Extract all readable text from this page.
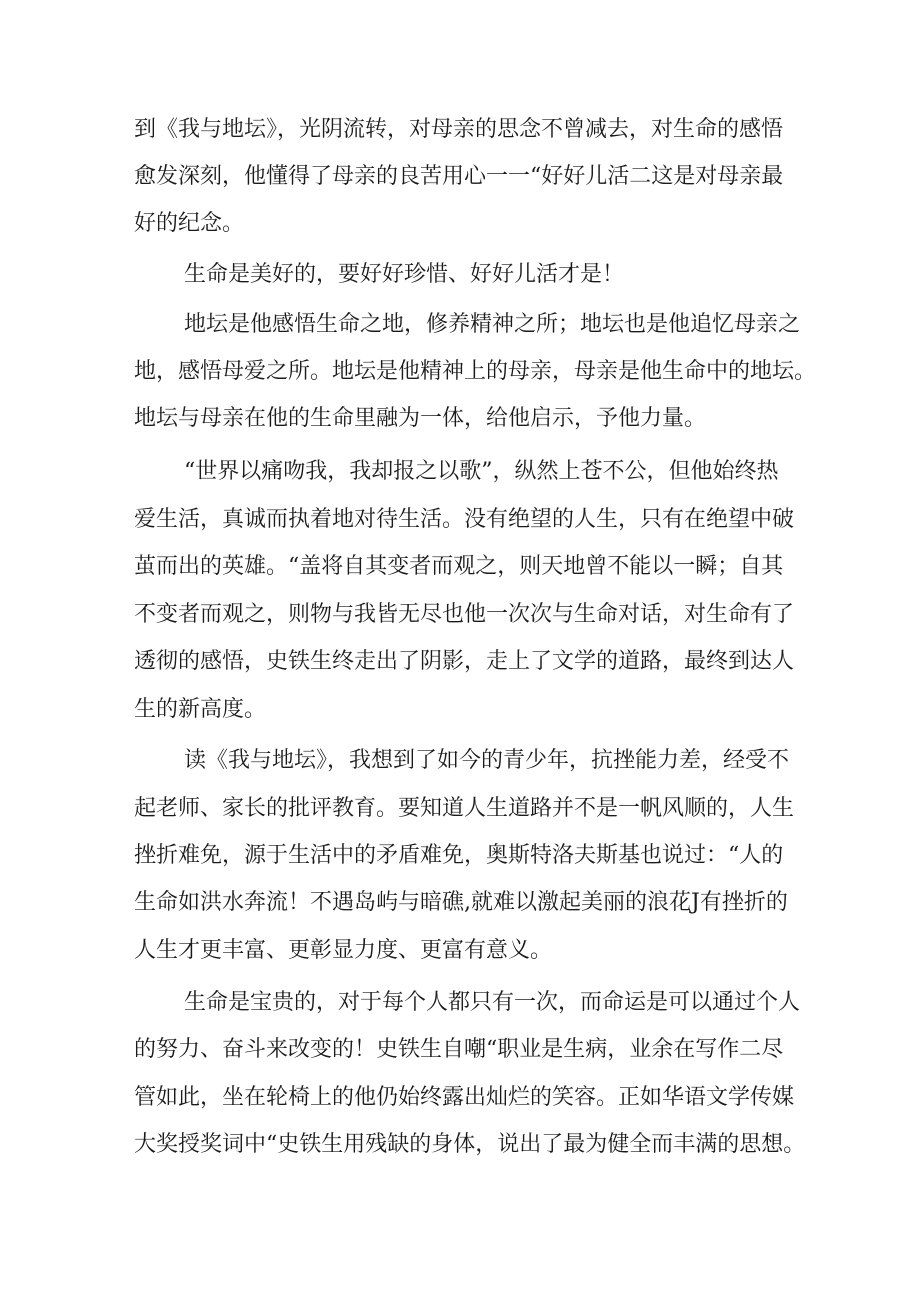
到《我与地坛》，光阴流转，对母亲的思念不曾减去，对生命的感悟
愈发深刻，他懂得了母亲的良苦用心一一“好好儿活二这是对母亲最
好的纪念。
生命是美好的，要好好珍惜、好好儿活才是！
地坛是他感悟生命之地，修养精神之所；地坛也是他追忆母亲之
地，感悟母爱之所。地坛是他精神上的母亲，母亲是他生命中的地坛。
地坛与母亲在他的生命里融为一体，给他启示，予他力量。
“世界以痛吻我，我却报之以歌”，纵然上苍不公，但他始终热
爱生活，真诚而执着地对待生活。没有绝望的人生，只有在绝望中破
茧而出的英雄。“盖将自其变者而观之，则天地曾不能以一瞬；自其
不变者而观之，则物与我皆无尽也他一次次与生命对话，对生命有了
透彻的感悟，史铁生终走出了阴影，走上了文学的道路，最终到达人
生的新高度。
读《我与地坛》，我想到了如今的青少年，抗挫能力差，经受不
起老师、家长的批评教育。要知道人生道路并不是一帆风顺的，人生
挫折难免，源于生活中的矛盾难免，奥斯特洛夫斯基也说过：“人的
生命如洪水奔流！不遇岛屿与暗礁,就难以激起美丽的浪花J有挫折的
人生才更丰富、更彰显力度、更富有意义。
生命是宝贵的，对于每个人都只有一次，而命运是可以通过个人
的努力、奋斗来改变的！史铁生自嘲“职业是生病，业余在写作二尽
管如此，坐在轮椅上的他仍始终露出灿烂的笑容。正如华语文学传媒
大奖授奖词中“史铁生用残缺的身体，说出了最为健全而丰满的思想。
